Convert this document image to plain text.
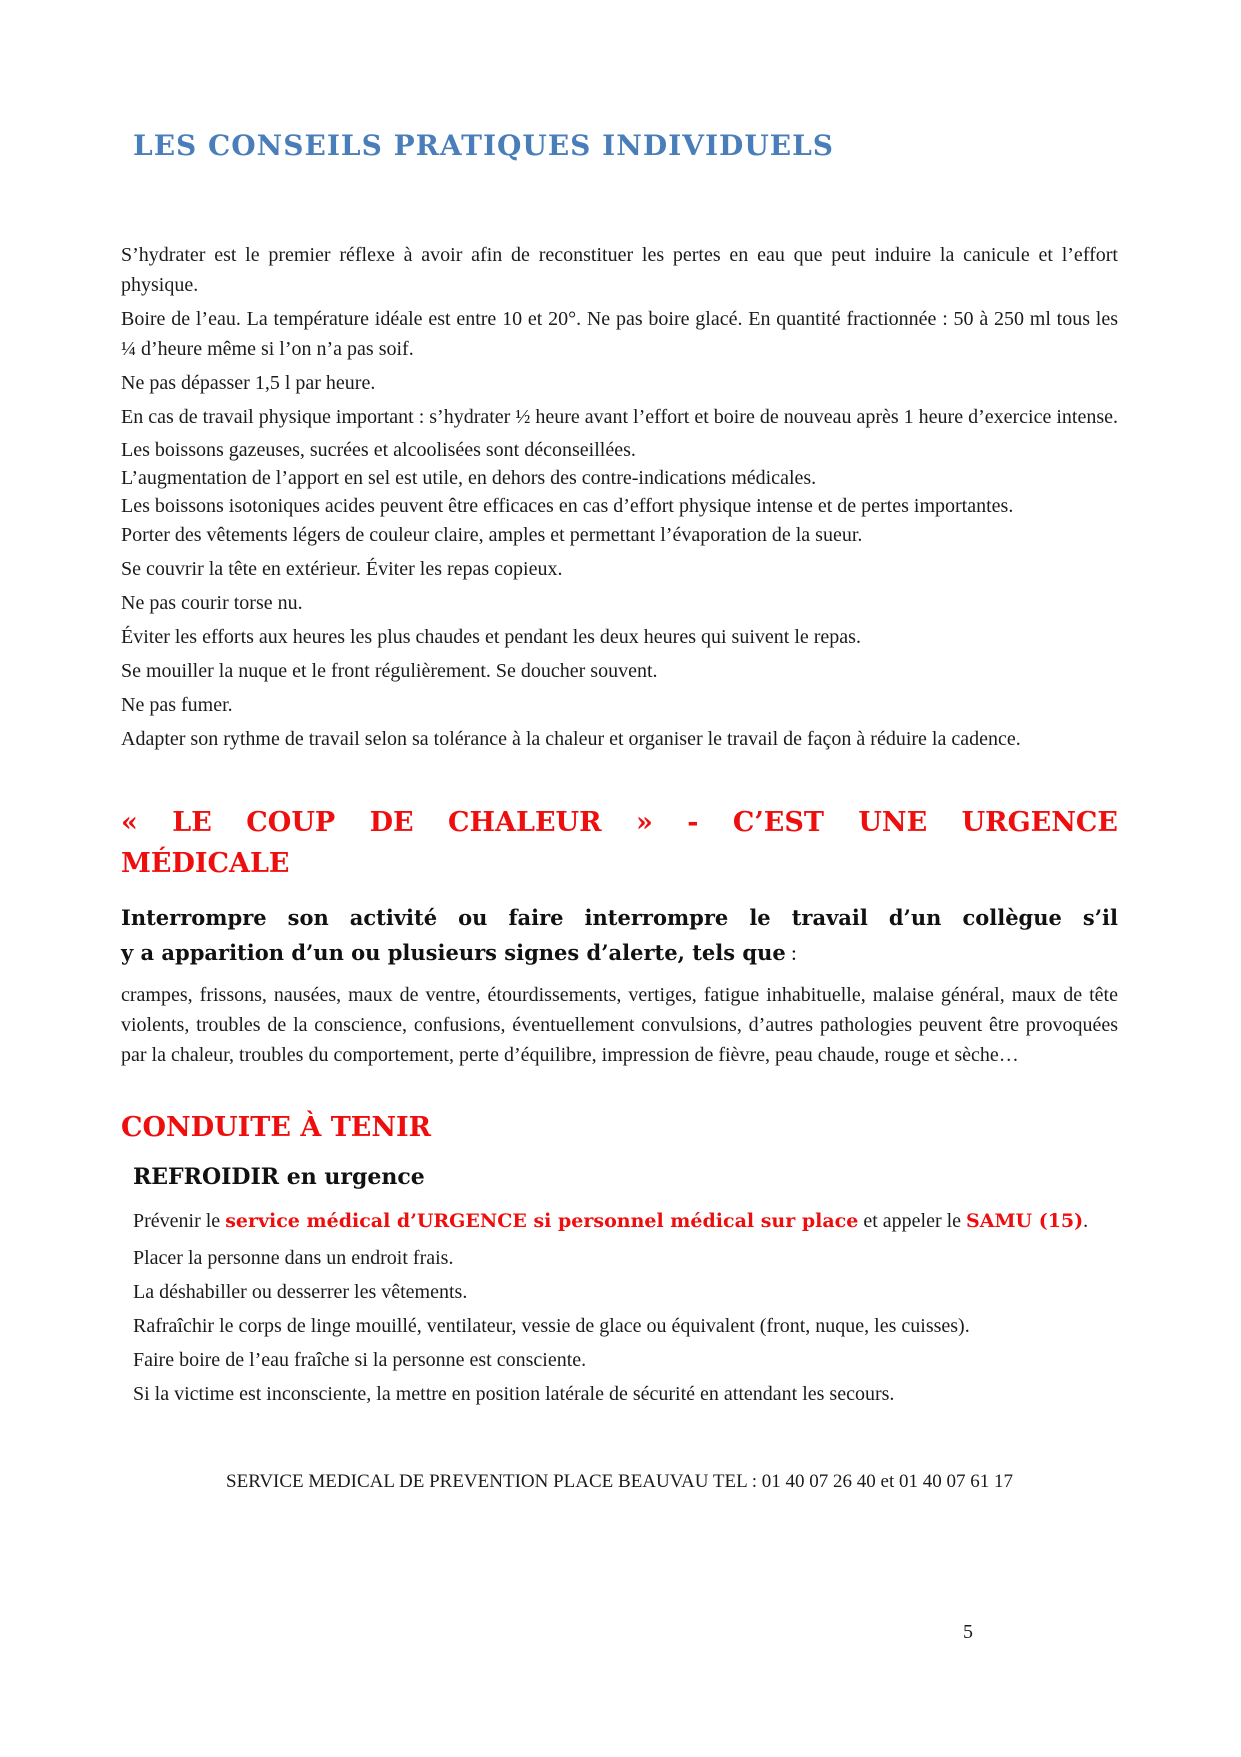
LES CONSEILS PRATIQUES INDIVIDUELS

S’hydrater est le premier réflexe à avoir afin de reconstituer les pertes en eau que peut induire la canicule et l’effort physique.

Boire de l’eau. La température idéale est entre 10 et 20°. Ne pas boire glacé. En quantité fractionnée : 50 à 250 ml tous les ¼ d’heure même si l’on n’a pas soif.

Ne pas dépasser 1,5 l par heure.

En cas de travail physique important : s’hydrater ½ heure avant l’effort et boire de nouveau après 1 heure d’exercice intense.

Les boissons gazeuses, sucrées et alcoolisées sont déconseillées.

L’augmentation de l’apport en sel est utile, en dehors des contre-indications médicales.

Les boissons isotoniques acides peuvent être efficaces en cas d’effort physique intense et de pertes importantes.

Porter des vêtements légers de couleur claire, amples et permettant l’évaporation de la sueur.

Se couvrir la tête en extérieur. Éviter les repas copieux.

Ne pas courir torse nu.

Éviter les efforts aux heures les plus chaudes et pendant les deux heures qui suivent le repas.

Se mouiller la nuque et le front régulièrement. Se doucher souvent.

Ne pas fumer.

Adapter son rythme de travail selon sa tolérance à la chaleur et organiser le travail de façon à réduire la cadence.

« LE COUP DE CHALEUR » - C’EST UNE URGENCE
MÉDICALE

Interrompre son activité ou faire interrompre le travail d’un collègue s’il
y a apparition d’un ou plusieurs signes d’alerte, tels que :

crampes, frissons, nausées, maux de ventre, étourdissements, vertiges, fatigue inhabituelle, malaise général, maux de tête violents, troubles de la conscience, confusions, éventuellement convulsions, d’autres pathologies peuvent être provoquées par la chaleur, troubles du comportement, perte d’équilibre, impression de fièvre, peau chaude, rouge et sèche…

CONDUITE À TENIR
REFROIDIR en urgence

Prévenir le service médical d’URGENCE si personnel médical sur place et appeler le SAMU (15).

Placer la personne dans un endroit frais.

La déshabiller ou desserrer les vêtements.

Rafraîchir le corps de linge mouillé, ventilateur, vessie de glace ou équivalent (front, nuque, les cuisses).

Faire boire de l’eau fraîche si la personne est consciente.

Si la victime est inconsciente, la mettre en position latérale de sécurité en attendant les secours.

SERVICE MEDICAL DE PREVENTION PLACE BEAUVAU TEL : 01 40 07 26 40 et 01 40 07 61 17
5
